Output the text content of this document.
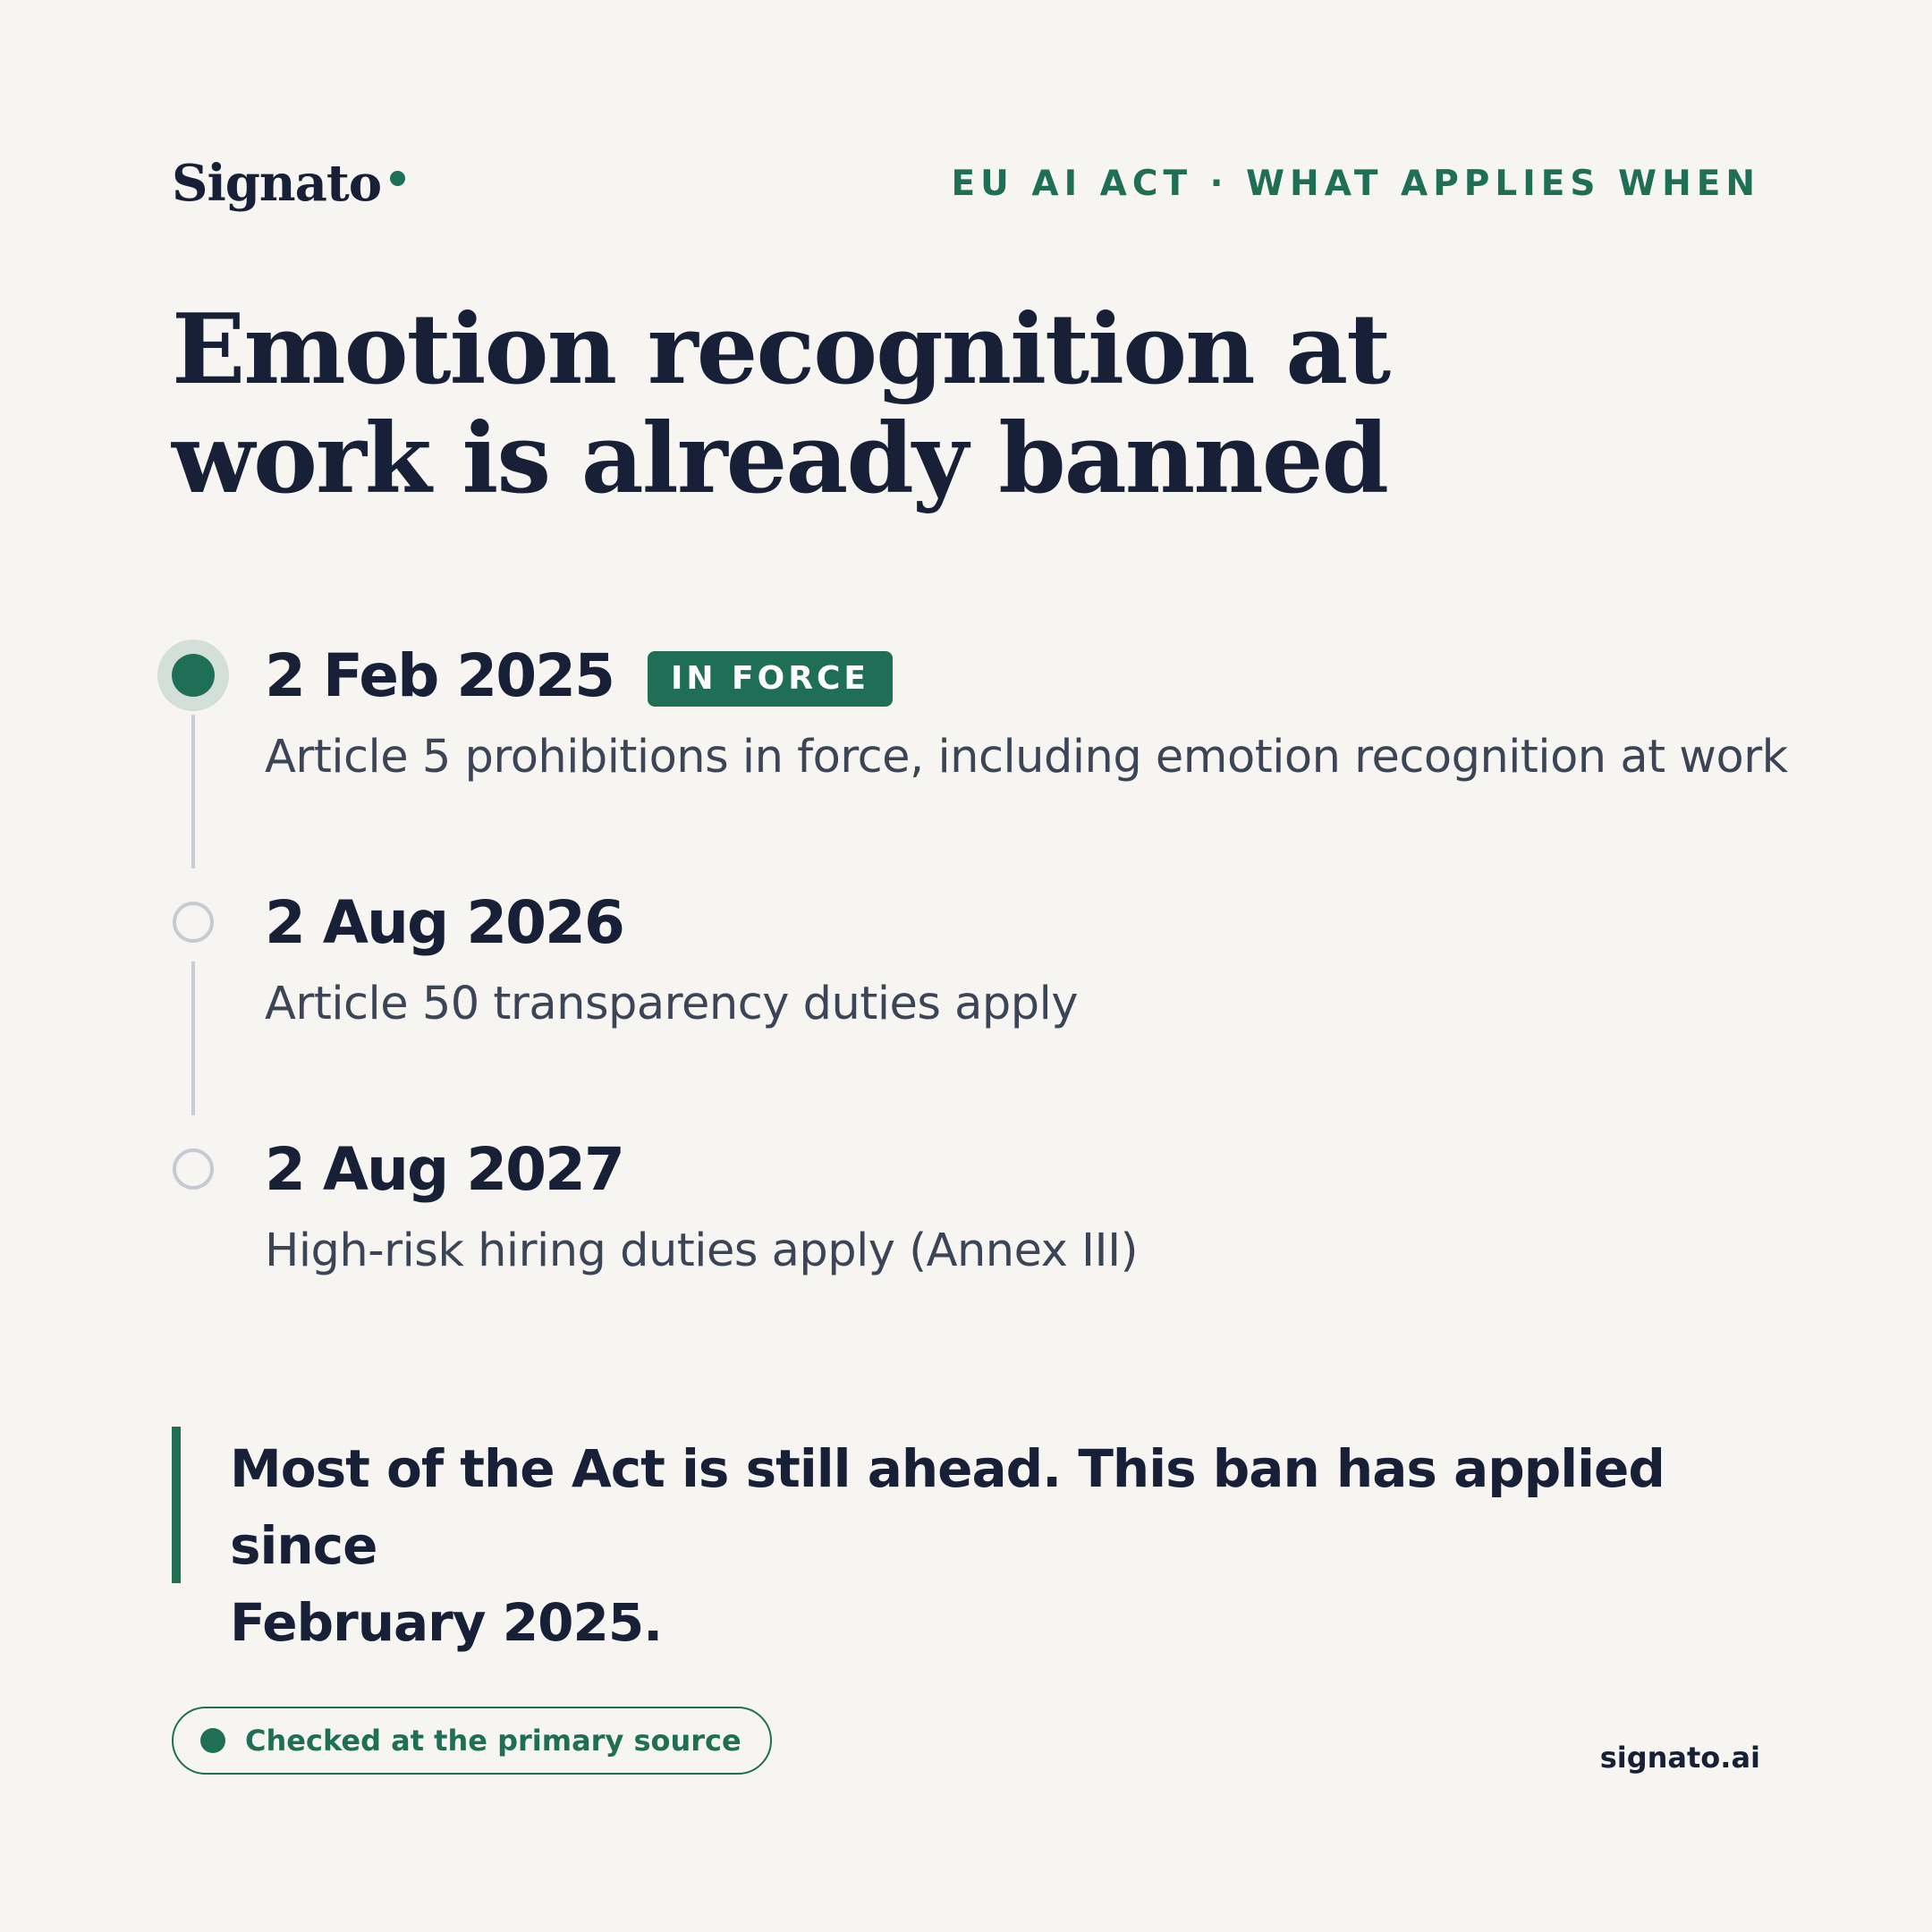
Signato	EU AI ACT · WHAT APPLIES WHEN
Emotion recognition at
work is already banned
2 Feb 2025 IN FORCE
Article 5 prohibitions in force, including emotion recognition at work
2 Aug 2026
Article 50 transparency duties apply
2 Aug 2027
High-risk hiring duties apply (Annex III)
Most of the Act is still ahead. This ban has applied since
February 2025.
Checked at the primary source	signato.ai
